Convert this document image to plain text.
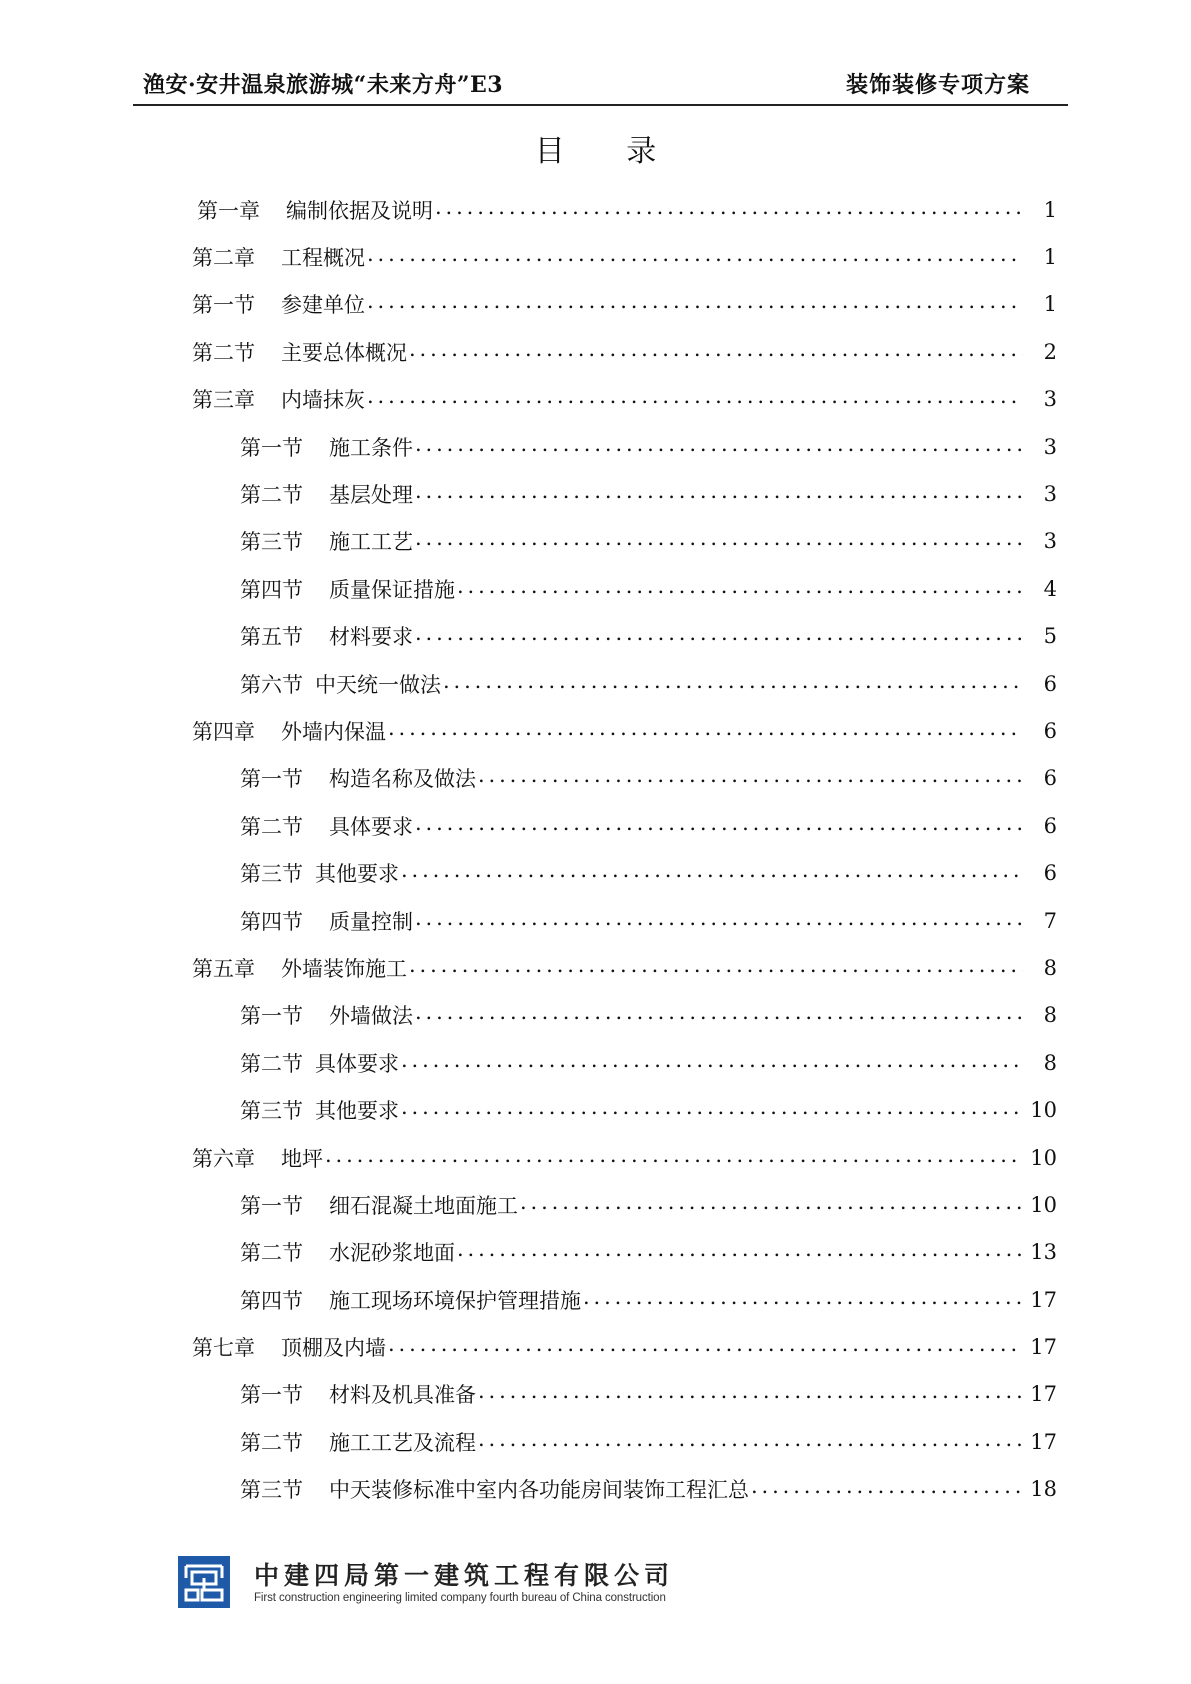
渔安·安井温泉旅游城“未来方舟”E3	装饰装修专项方案
目 录
第一章 编制依据及说明 . . .	1
第二章 工程概况 . . .	1
第一节 参建单位 . . .	1
第二节 主要总体概况 . . .	2
第三章 内墙抹灰 . . .	3
第一节 施工条件 . . .	3
第二节 基层处理 . . .	3
第三节 施工工艺 . . .	3
第四节 质量保证措施 . . .	4
第五节 材料要求 . . .	5
第六节 中天统一做法 . . .	6
第四章 外墙内保温 . . .	6
第一节 构造名称及做法 . . .	6
第二节 具体要求 . . .	6
第三节 其他要求 . . .	6
第四节 质量控制 . . .	7
第五章 外墙装饰施工 . . .	8
第一节 外墙做法 . . .	8
第二节 具体要求 . . .	8
第三节 其他要求 . . .	10
第六章 地坪 . . .	10
第一节 细石混凝土地面施工 . . .	10
第二节 水泥砂浆地面 . . .	13
第四节 施工现场环境保护管理措施 . . .	17
第七章 顶棚及内墙 . . .	17
第一节 材料及机具准备 . . .	17
第二节 施工工艺及流程 . . .	17
第三节 中天装修标准中室内各功能房间装饰工程汇总 . . .	18
中建四局第一建筑工程有限公司
First construction engineering limited company fourth bureau of China construction
